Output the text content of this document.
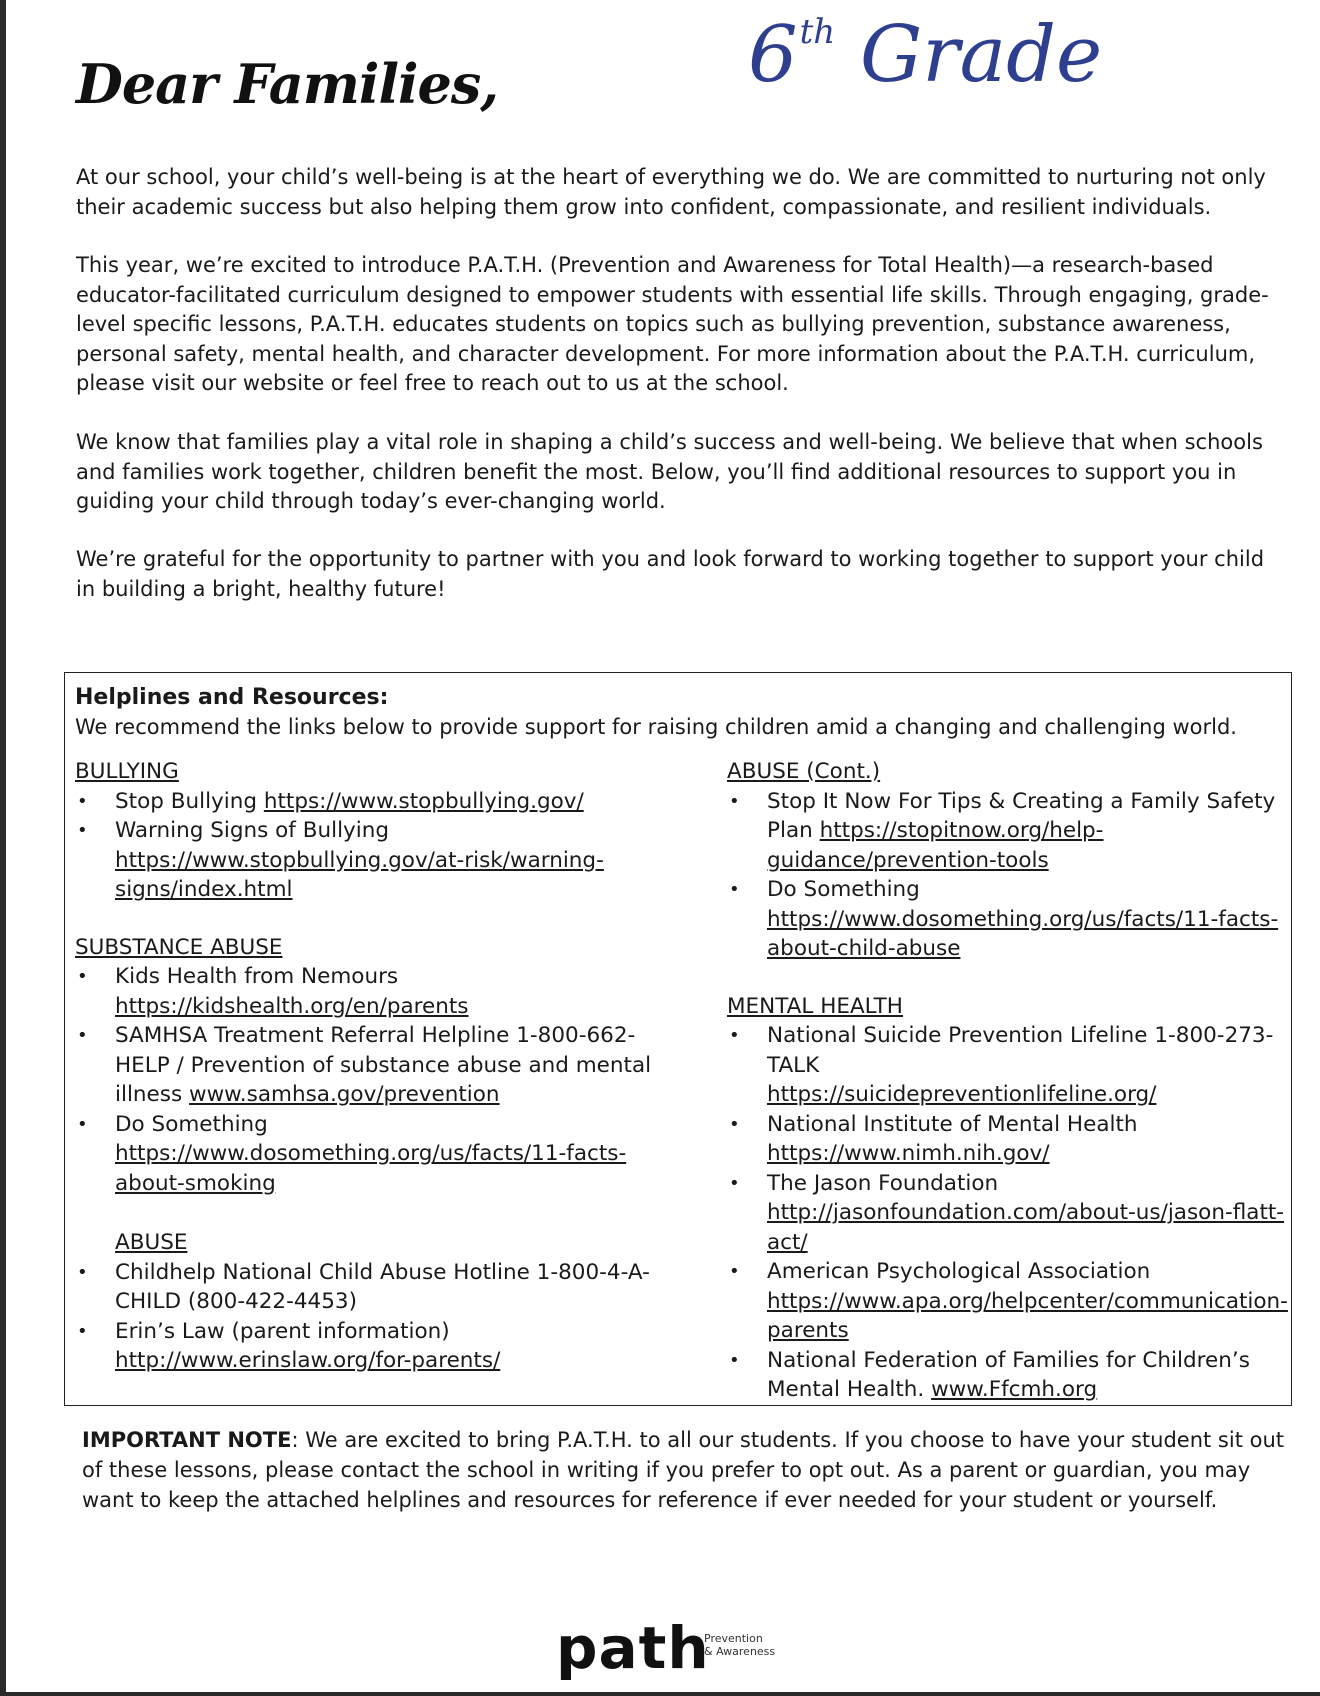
Dear Families,	6th Grade

At our school, your child’s well-being is at the heart of everything we do. We are committed to nurturing not only their academic success but also helping them grow into confident, compassionate, and resilient individuals.

This year, we’re excited to introduce P.A.T.H. (Prevention and Awareness for Total Health)—a research-based educator-facilitated curriculum designed to empower students with essential life skills. Through engaging, grade-level specific lessons, P.A.T.H. educates students on topics such as bullying prevention, substance awareness, personal safety, mental health, and character development. For more information about the P.A.T.H. curriculum, please visit our website or feel free to reach out to us at the school.

We know that families play a vital role in shaping a child’s success and well-being. We believe that when schools and families work together, children benefit the most. Below, you’ll find additional resources to support you in guiding your child through today’s ever-changing world.

We’re grateful for the opportunity to partner with you and look forward to working together to support your child in building a bright, healthy future!

Helplines and Resources:

We recommend the links below to provide support for raising children amid a changing and challenging world.

BULLYING

• Stop Bullying https://www.stopbullying.gov/
• Warning Signs of Bullying https://www.stopbullying.gov/at-risk/warning-signs/index.html

SUBSTANCE ABUSE

• Kids Health from Nemours
https://kidshealth.org/en/parents
• SAMHSA Treatment Referral Helpline 1-800-662-HELP / Prevention of substance abuse and mental illness www.samhsa.gov/prevention
• Do Something https://www.dosomething.org/us/facts/11-facts-about-smoking

ABUSE

• Childhelp National Child Abuse Hotline 1-800-4-A-CHILD (800-422-4453)
• Erin’s Law (parent information)
http://www.erinslaw.org/for-parents/

ABUSE (Cont.)

• Stop It Now For Tips & Creating a Family Safety Plan https://stopitnow.org/help-guidance/prevention-tools
• Do Something https://www.dosomething.org/us/facts/11-facts-about-child-abuse

MENTAL HEALTH

• National Suicide Prevention Lifeline 1-800-273-TALK
https://suicidepreventionlifeline.org/
• National Institute of Mental Health
https://www.nimh.nih.gov/
• The Jason Foundation
http://jasonfoundation.com/about-us/jason-flatt-act/
• American Psychological Association
https://www.apa.org/helpcenter/communication-parents
• National Federation of Families for Children’s Mental Health. www.Ffcmh.org

IMPORTANT NOTE: We are excited to bring P.A.T.H. to all our students. If you choose to have your student sit out of these lessons, please contact the school in writing if you prefer to opt out. As a parent or guardian, you may want to keep the attached helplines and resources for reference if ever needed for your student or yourself.

path
Prevention
& Awareness
